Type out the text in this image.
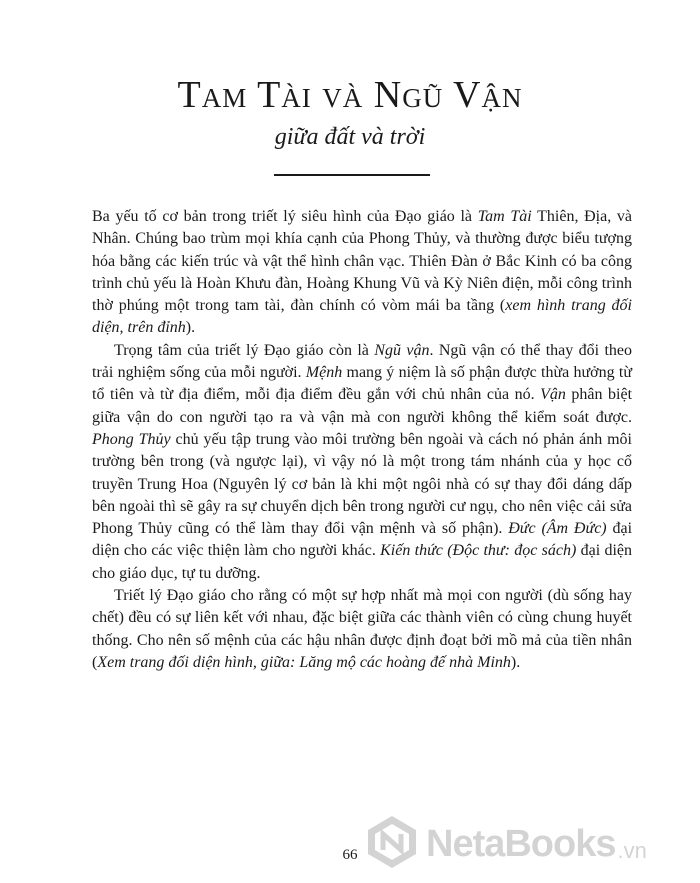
Tam Tài và Ngũ Vận
giữa đất và trời

Ba yếu tố cơ bản trong triết lý siêu hình của Đạo giáo là Tam Tài Thiên, Địa, và Nhân. Chúng bao trùm mọi khía cạnh của Phong Thủy, và thường được biểu tượng hóa bằng các kiến trúc và vật thể hình chân vạc. Thiên Đàn ở Bắc Kinh có ba công trình chủ yếu là Hoàn Khưu đàn, Hoàng Khung Vũ và Kỳ Niên điện, mỗi công trình thờ phúng một trong tam tài, đàn chính có vòm mái ba tầng (xem hình trang đối diện, trên đỉnh).

Trọng tâm của triết lý Đạo giáo còn là Ngũ vận. Ngũ vận có thể thay đổi theo trải nghiệm sống của mỗi người. Mệnh mang ý niệm là số phận được thừa hưởng từ tổ tiên và từ địa điểm, mỗi địa điểm đều gắn với chủ nhân của nó. Vận phân biệt giữa vận do con người tạo ra và vận mà con người không thể kiểm soát được. Phong Thủy chủ yếu tập trung vào môi trường bên ngoài và cách nó phản ánh môi trường bên trong (và ngược lại), vì vậy nó là một trong tám nhánh của y học cổ truyền Trung Hoa (Nguyên lý cơ bản là khi một ngôi nhà có sự thay đổi dáng dấp bên ngoài thì sẽ gây ra sự chuyển dịch bên trong người cư ngụ, cho nên việc cải sửa Phong Thủy cũng có thể làm thay đổi vận mệnh và số phận). Đức (Âm Đức) đại diện cho các việc thiện làm cho người khác. Kiến thức (Độc thư: đọc sách) đại diện cho giáo dục, tự tu dưỡng.

Triết lý Đạo giáo cho rằng có một sự hợp nhất mà mọi con người (dù sống hay chết) đều có sự liên kết với nhau, đặc biệt giữa các thành viên có cùng chung huyết thống. Cho nên số mệnh của các hậu nhân được định đoạt bởi mồ mả của tiền nhân (Xem trang đối diện hình, giữa: Lăng mộ các hoàng đế nhà Minh).

66	NetaBooks .vn
